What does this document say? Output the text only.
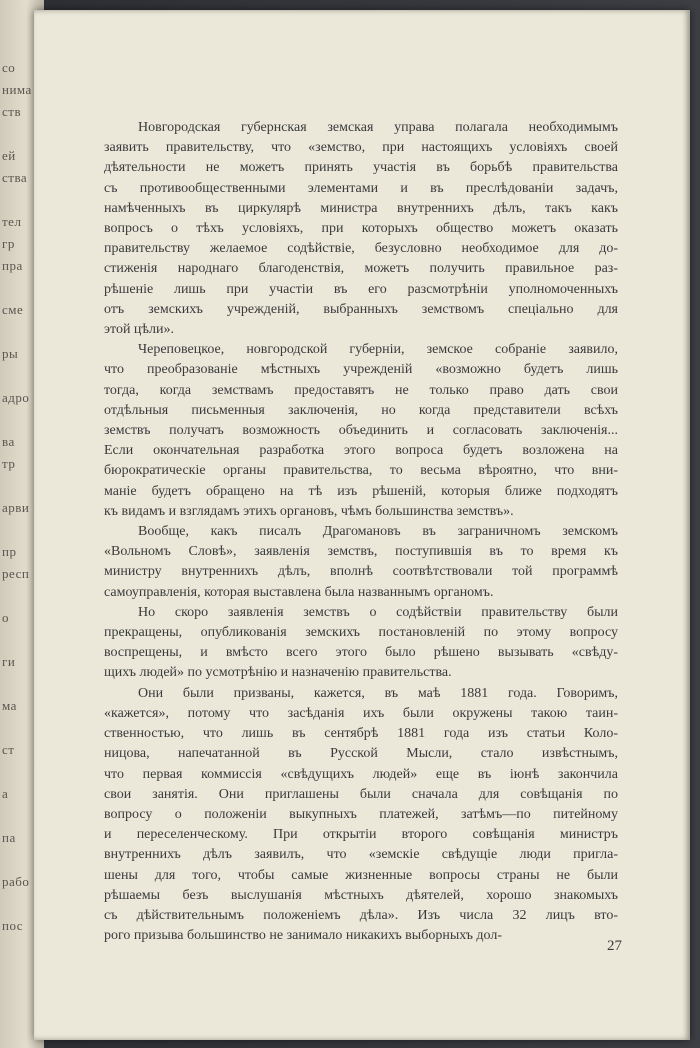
со
нима
ств
ей
ства
тел
гр
пра
сме
ры
адро
ва
тр
арви
пр
респ
о
ги
ма
ст
а
па
рабо
пос
Новгородская губернская земская управа полагала необходимымъ
заявить правительству, что «земство, при настоящихъ условіяхъ своей
дѣятельности не можетъ принять участія въ борьбѣ правительства
съ противообщественными элементами и въ преслѣдованіи задачъ,
намѣченныхъ въ циркулярѣ министра внутреннихъ дѣлъ, такъ какъ
вопросъ о тѣхъ условіяхъ, при которыхъ общество можетъ оказать
правительству желаемое содѣйствіе, безусловно необходимое для до-
стиженія народнаго благоденствія, можетъ получить правильное раз-
рѣшеніе лишь при участіи въ его разсмотрѣніи уполномоченныхъ
отъ земскихъ учрежденій, выбранныхъ земствомъ спеціально для
этой цѣли».
Череповецкое, новгородской губерніи, земское собраніе заявило,
что преобразованіе мѣстныхъ учрежденій «возможно будетъ лишь
тогда, когда земствамъ предоставятъ не только право дать свои
отдѣльныя письменныя заключенія, но когда представители всѣхъ
земствъ получатъ возможность объединить и согласовать заключенія...
Если окончательная разработка этого вопроса будетъ возложена на
бюрократическіе органы правительства, то весьма вѣроятно, что вни-
маніе будетъ обращено на тѣ изъ рѣшеній, которыя ближе подходятъ
къ видамъ и взглядамъ этихъ органовъ, чѣмъ большинства земствъ».
Вообще, какъ писалъ Драгомановъ въ заграничномъ земскомъ
«Вольномъ Словѣ», заявленія земствъ, поступившія въ то время къ
министру внутреннихъ дѣлъ, вполнѣ соотвѣтствовали той программѣ
самоуправленія, которая выставлена была названнымъ органомъ.
Но скоро заявленія земствъ о содѣйствіи правительству были
прекращены, опубликованія земскихъ постановленій по этому вопросу
воспрещены, и вмѣсто всего этого было рѣшено вызывать «свѣду-
щихъ людей» по усмотрѣнію и назначенію правительства.
Они были призваны, кажется, въ маѣ 1881 года. Говоримъ,
«кажется», потому что засѣданія ихъ были окружены такою таин-
ственностью, что лишь въ сентябрѣ 1881 года изъ статьи Коло-
ницова, напечатанной въ Русской Мысли, стало извѣстнымъ,
что первая коммиссія «свѣдущихъ людей» еще въ іюнѣ закончила
свои занятія. Они приглашены были сначала для совѣщанія по
вопросу о положеніи выкупныхъ платежей, затѣмъ—по питейному
и переселенческому. При открытіи второго совѣщанія министръ
внутреннихъ дѣлъ заявилъ, что «земскіе свѣдущіе люди пригла-
шены для того, чтобы самые жизненные вопросы страны не были
рѣшаемы безъ выслушанія мѣстныхъ дѣятелей, хорошо знакомыхъ
съ дѣйствительнымъ положеніемъ дѣла». Изъ числа 32 лицъ вто-
рого призыва большинство не занимало никакихъ выборныхъ дол-
27
